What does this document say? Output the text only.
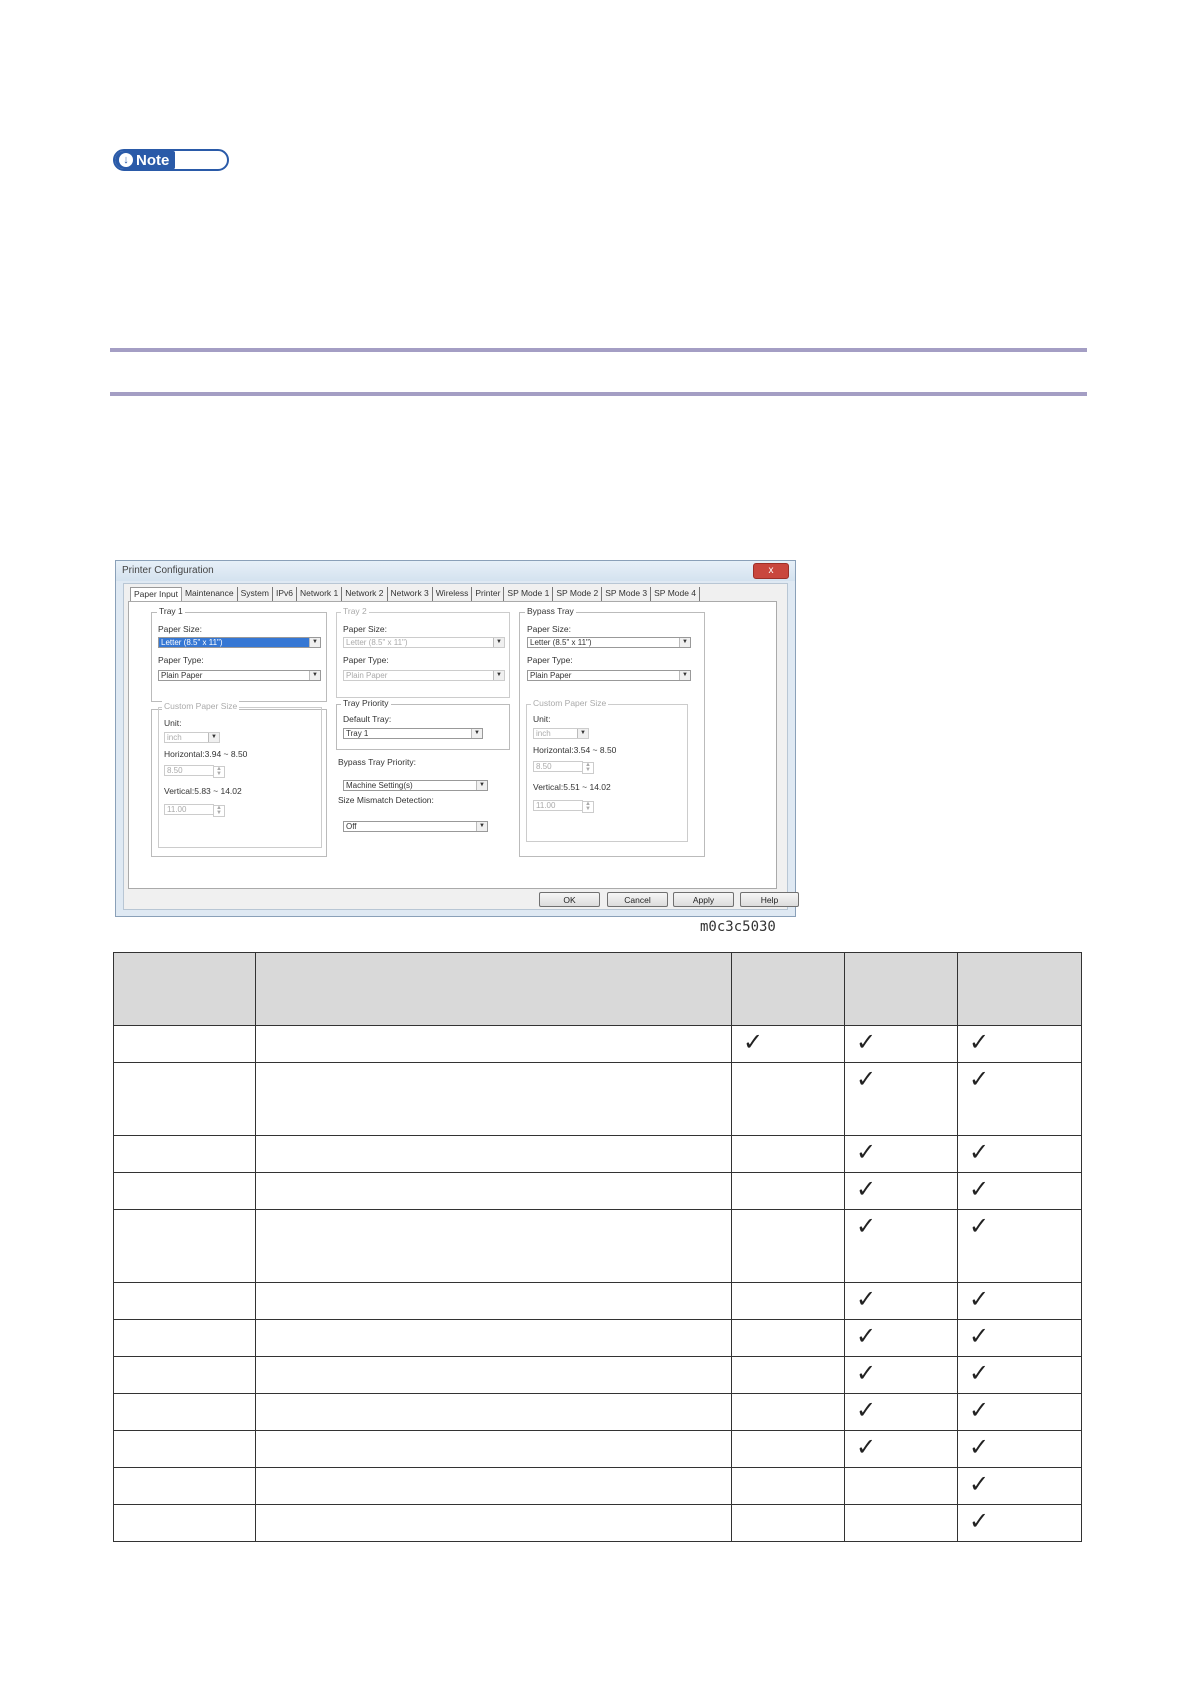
↓ Note
Printer Configuration	x
Paper Input Maintenance System IPv6 Network 1 Network 2 Network 3 Wireless Printer SP Mode 1 SP Mode 2 SP Mode 3 SP Mode 4
Tray 1
Paper Size:
Letter (8.5" x 11")	▼
Paper Type:
Plain Paper	▼
Custom Paper Size
Unit:
inch	▼
Horizontal:3.94 ~ 8.50
8.50	▲
▼
Vertical:5.83 ~ 14.02
11.00	▲
▼
Tray 2
Paper Size:
Letter (8.5" x 11")	▼
Paper Type:
Plain Paper	▼
Tray Priority
Default Tray:
Tray 1	▼
Bypass Tray Priority:
Machine Setting(s)	▼
Size Mismatch Detection:
Off	▼
Bypass Tray
Paper Size:
Letter (8.5" x 11")	▼
Paper Type:
Plain Paper	▼
Custom Paper Size
Unit:
inch	▼
Horizontal:3.54 ~ 8.50
8.50	▲
▼
Vertical:5.51 ~ 14.02
11.00	▲
▼
OK	Cancel	Apply	Help
m0c3c5030

		✓	✓	✓

			✓	✓

			✓	✓

			✓	✓

			✓	✓

			✓	✓

			✓	✓

			✓	✓

			✓	✓

			✓	✓

				✓

				✓
